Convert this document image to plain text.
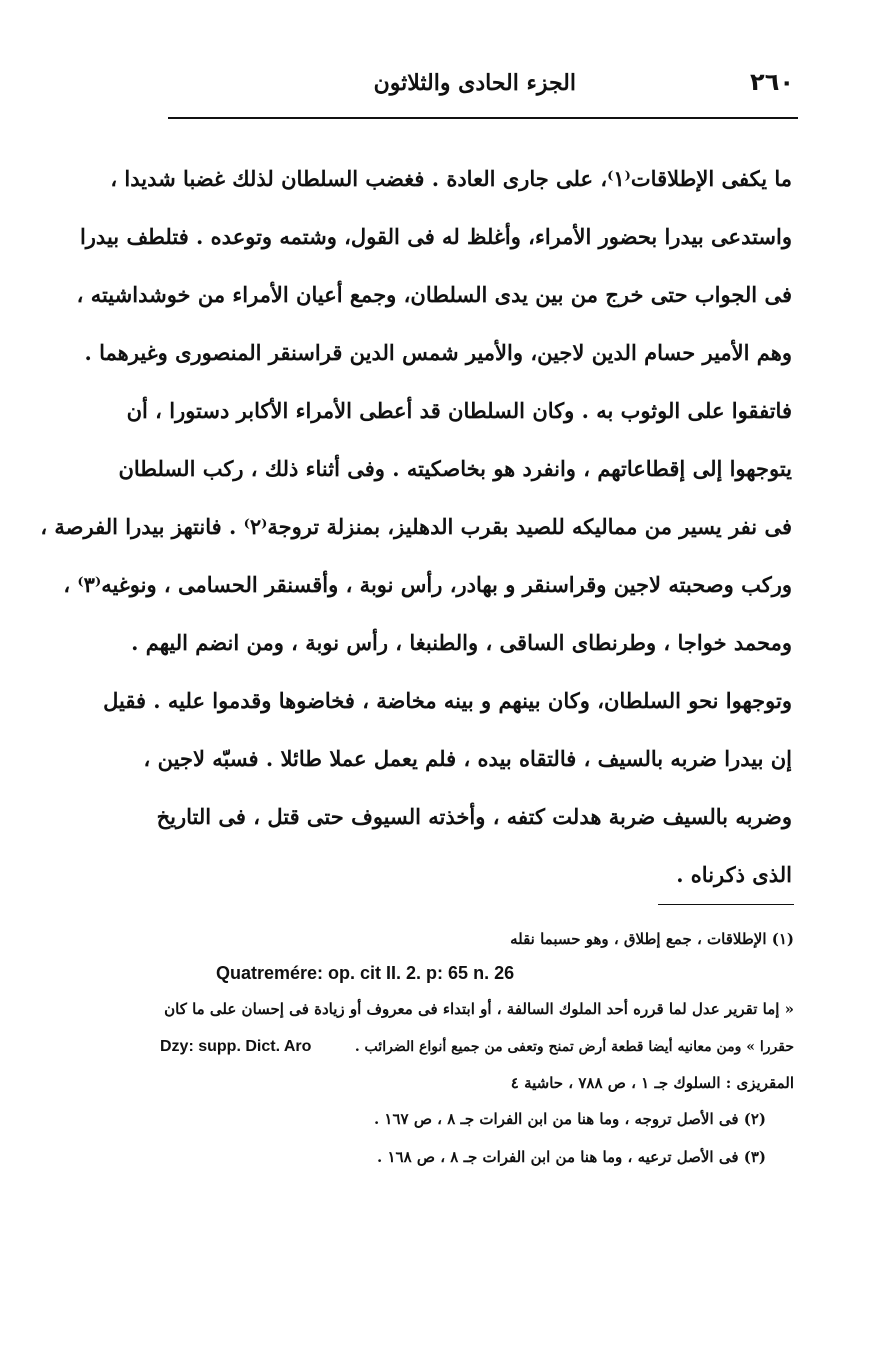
٢٦٠
الجزء الحادى والثلاثون
ما يكفى الإطلاقات⁽١⁾، على جارى العادة . فغضب السلطان لذلك غضبا شديدا ،
واستدعى بيدرا بحضور الأمراء، وأغلظ له فى القول، وشتمه وتوعده . فتلطف بيدرا
فى الجواب حتى خرج من بين يدى السلطان، وجمع أعيان الأمراء من خوشداشيته ،
وهم الأمير حسام الدين لاجين، والأمير شمس الدين قراسنقر المنصورى وغيرهما .
فاتفقوا على الوثوب به . وكان السلطان قد أعطى الأمراء الأكابر دستورا ، أن
يتوجهوا إلى إقطاعاتهم ، وانفرد هو بخاصكيته . وفى أثناء ذلك ، ركب السلطان
فى نفر يسير من مماليكه للصيد بقرب الدهليز، بمنزلة تروجة⁽٢⁾ . فانتهز بيدرا الفرصة ،
وركب وصحبته لاجين وقراسنقر و بهادر، رأس نوبة ، وأقسنقر الحسامى ، ونوغيه⁽٣⁾ ،
ومحمد خواجا ، وطرنطاى الساقى ، والطنبغا ، رأس نوبة ، ومن انضم اليهم .
وتوجهوا نحو السلطان، وكان بينهم و بينه مخاضة ، فخاضوها وقدموا عليه . فقيل
إن بيدرا ضربه بالسيف ، فالتقاه بيده ، فلم يعمل عملا طائلا . فسبّه لاجين ،
وضربه بالسيف ضربة هدلت كتفه ، وأخذته السيوف حتى قتل ، فى التاريخ
الذى ذكرناه .
(١) الإطلاقات ، جمع إطلاق ، وهو حسبما نقله
Quatremére: op. cit II. 2. p: 65 n. 26
« إما تقرير عدل لما قرره أحد الملوك السالفة ، أو ابتداء فى معروف أو زيادة فى إحسان على ما كان
حقررا » ومن معانيه أيضا قطعة أرض تمنح وتعفى من جميع أنواع الضرائب .
Dzy: supp. Dict. Aro
المقريزى : السلوك جـ ١ ، ص ٧٨٨ ، حاشية ٤
(٢) فى الأصل تروجه ، وما هنا من ابن الفرات جـ ٨ ، ص ١٦٧ .
(٣) فى الأصل ترعيه ، وما هنا من ابن الفرات جـ ٨ ، ص ١٦٨ .
